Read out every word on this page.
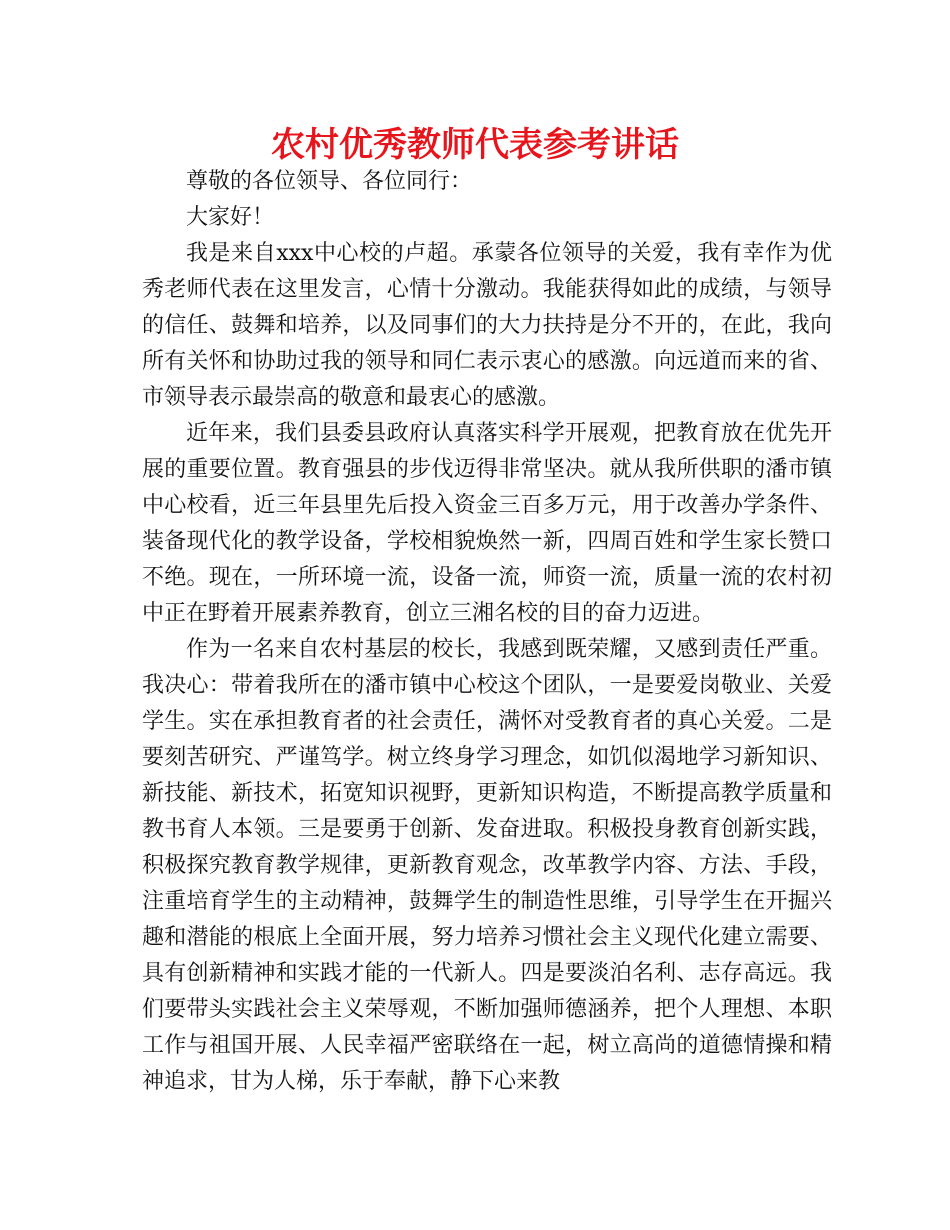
农村优秀教师代表参考讲话

尊敬的各位领导、各位同行：

大家好！

我是来自xxx中心校的卢超。承蒙各位领导的关爱，我有幸作为优秀老师代表在这里发言，心情十分激动。我能获得如此的成绩，与领导的信任、鼓舞和培养，以及同事们的大力扶持是分不开的，在此，我向所有关怀和协助过我的领导和同仁表示衷心的感激。向远道而来的省、市领导表示最崇高的敬意和最衷心的感激。

近年来，我们县委县政府认真落实科学开展观，把教育放在优先开展的重要位置。教育强县的步伐迈得非常坚决。就从我所供职的潘市镇中心校看，近三年县里先后投入资金三百多万元，用于改善办学条件、装备现代化的教学设备，学校相貌焕然一新，四周百姓和学生家长赞口不绝。现在，一所环境一流，设备一流，师资一流，质量一流的农村初中正在野着开展素养教育，创立三湘名校的目的奋力迈进。

作为一名来自农村基层的校长，我感到既荣耀，又感到责任严重。我决心：带着我所在的潘市镇中心校这个团队，一是要爱岗敬业、关爱学生。实在承担教育者的社会责任，满怀对受教育者的真心关爱。二是要刻苦研究、严谨笃学。树立终身学习理念，如饥似渴地学习新知识、新技能、新技术，拓宽知识视野，更新知识构造，不断提高教学质量和教书育人本领。三是要勇于创新、发奋进取。积极投身教育创新实践，积极探究教育教学规律，更新教育观念，改革教学内容、方法、手段，注重培育学生的主动精神，鼓舞学生的制造性思维，引导学生在开掘兴趣和潜能的根底上全面开展，努力培养习惯社会主义现代化建立需要、具有创新精神和实践才能的一代新人。四是要淡泊名利、志存高远。我们要带头实践社会主义荣辱观，不断加强师德涵养，把个人理想、本职工作与祖国开展、人民幸福严密联络在一起，树立高尚的道德情操和精神追求，甘为人梯，乐于奉献，静下心来教
